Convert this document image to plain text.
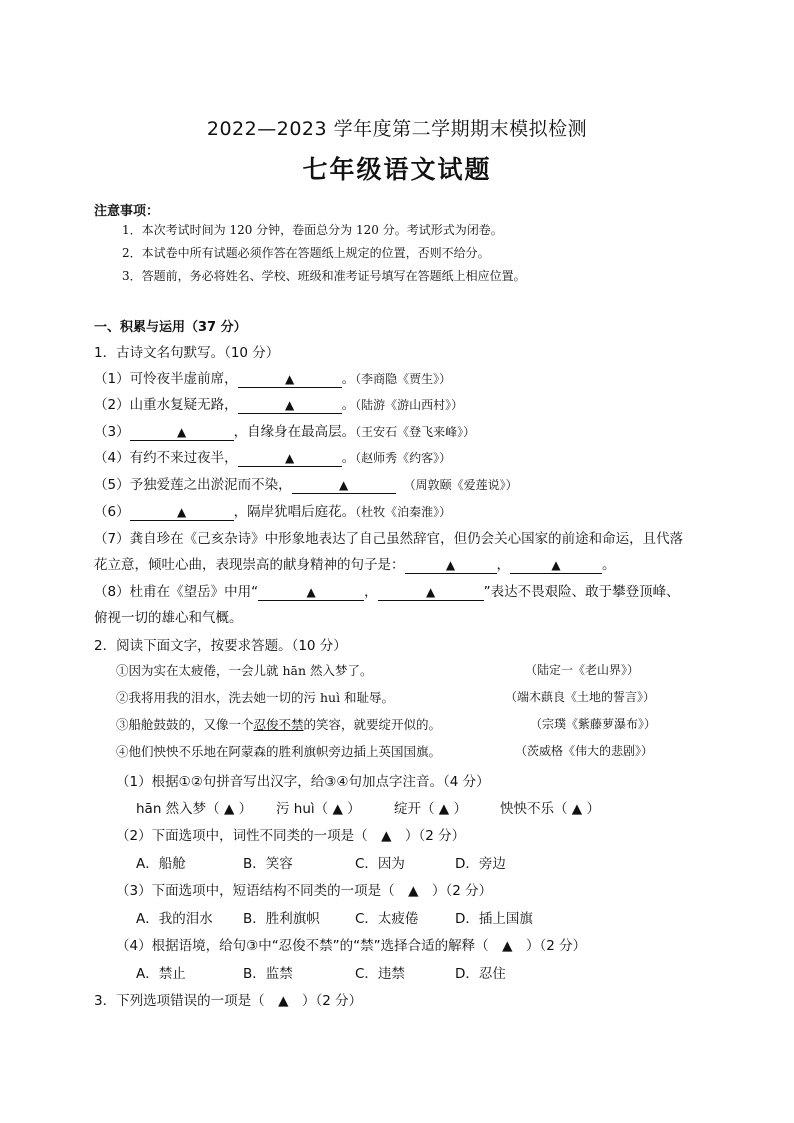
2022—2023 学年度第二学期期末模拟检测
七年级语文试题
注意事项：
1．本次考试时间为 120 分钟，卷面总分为 120 分。考试形式为闭卷。
2．本试卷中所有试题必须作答在答题纸上规定的位置，否则不给分。
3．答题前，务必将姓名、学校、班级和准考证号填写在答题纸上相应位置。
一、积累与运用（37 分）
1．古诗文名句默写。（10 分）
（1）可怜夜半虚前席，	▲	。（李商隐《贾生》）
（2）山重水复疑无路，	▲	。（陆游《游山西村》）
（3）	▲	，自缘身在最高层。（王安石《登飞来峰》）
（4）有约不来过夜半，	▲	。（赵师秀《约客》）
（5）予独爱莲之出淤泥而不染，	▲	（周敦颐《爱莲说》）
（6）	▲	，隔岸犹唱后庭花。（杜牧《泊秦淮》）
（7）龚自珍在《己亥杂诗》中形象地表达了自己虽然辞官，但仍会关心国家的前途和命运，且代落
花立意，倾吐心曲，表现崇高的献身精神的句子是：	▲	，	▲	。
（8）杜甫在《望岳》中用“	▲	，	▲	”表达不畏艰险、敢于攀登顶峰、
俯视一切的雄心和气概。
2．阅读下面文字，按要求答题。（10 分）
①因为实在太疲倦，一会儿就 hān 然入梦了。	（陆定一《老山界》）
②我将用我的泪水，洗去她一切的污 huì 和耻辱。	（端木蕻良《土地的誓言》）
③船舱鼓鼓的，又像一个忍俊不禁的笑容，就要绽开似的。	（宗璞《紫藤萝瀑布》）
④他们怏怏不乐地在阿蒙森的胜利旗帜旁边插上英国国旗。	（茨威格《伟大的悲剧》）
（1）根据①②句拼音写出汉字，给③④句加点字注音。（4 分）
hān 然入梦（ ▲ ） 污 huì（ ▲ ） 绽开（ ▲ ） 怏怏不乐（ ▲ ）
（2）下面选项中，词性不同类的一项是（　▲　）（2 分）
A．船舱	B．笑容	C．因为	D．旁边
（3）下面选项中，短语结构不同类的一项是（　▲　）（2 分）
A．我的泪水 B．胜利旗帜	C．太疲倦	D．插上国旗
（4）根据语境，给句③中“忍俊不禁”的“禁”选择合适的解释（　▲　）（2 分）
A．禁止	B．监禁	C．违禁	D．忍住
3．下列选项错误的一项是（　▲　）（2 分）
